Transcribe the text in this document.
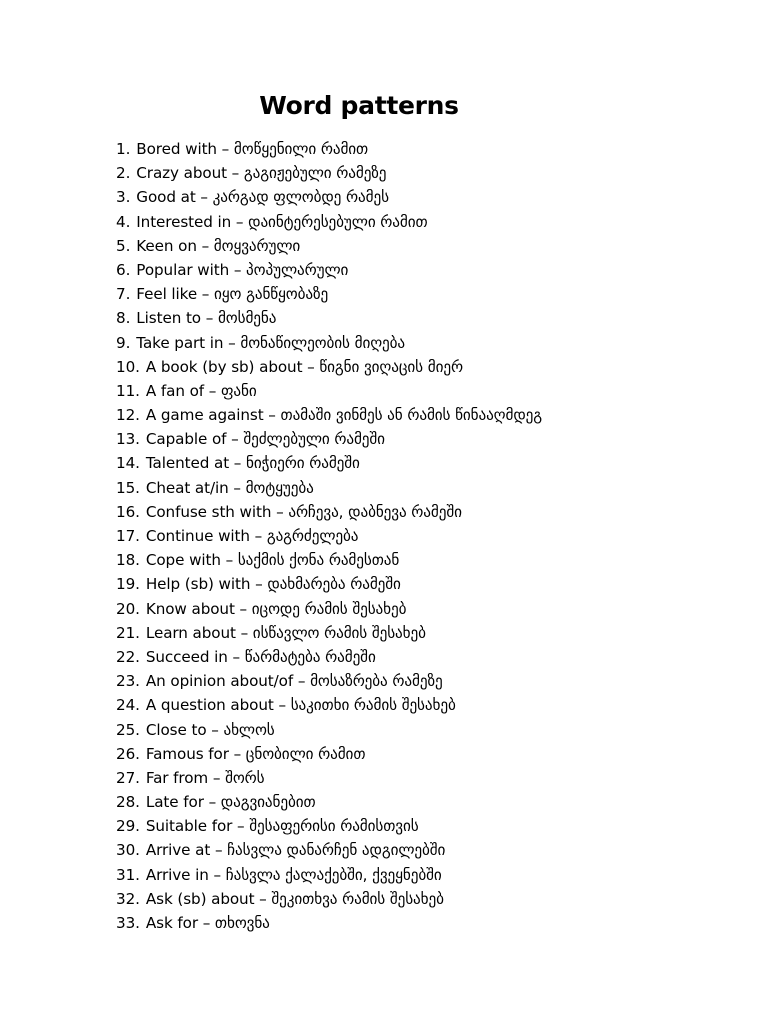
Word patterns
1. Bored with – მოწყენილი რამით
2. Crazy about – გაგიჟებული რამეზე
3. Good at – კარგად ფლობდე რამეს
4. Interested in – დაინტერესებული რამით
5. Keen on – მოყვარული
6. Popular with – პოპულარული
7. Feel like – იყო განწყობაზე
8. Listen to – მოსმენა
9. Take part in – მონაწილეობის მიღება
10. A book (by sb) about – წიგნი ვიღაცის მიერ
11. A fan of – ფანი
12. A game against – თამაში ვინმეს ან რამის წინააღმდეგ
13. Capable of – შეძლებული რამეში
14. Talented at – ნიჭიერი რამეში
15. Cheat at/in – მოტყუება
16. Confuse sth with – არჩევა, დაბნევა რამეში
17. Continue with – გაგრძელება
18. Cope with – საქმის ქონა რამესთან
19. Help (sb) with – დახმარება რამეში
20. Know about – იცოდე რამის შესახებ
21. Learn about – ისწავლო რამის შესახებ
22. Succeed in – წარმატება რამეში
23. An opinion about/of – მოსაზრება რამეზე
24. A question about – საკითხი რამის შესახებ
25. Close to – ახლოს
26. Famous for – ცნობილი რამით
27. Far from – შორს
28. Late for – დაგვიანებით
29. Suitable for – შესაფერისი რამისთვის
30. Arrive at – ჩასვლა დანარჩენ ადგილებში
31. Arrive in – ჩასვლა ქალაქებში, ქვეყნებში
32. Ask (sb) about – შეკითხვა რამის შესახებ
33. Ask for – თხოვნა
